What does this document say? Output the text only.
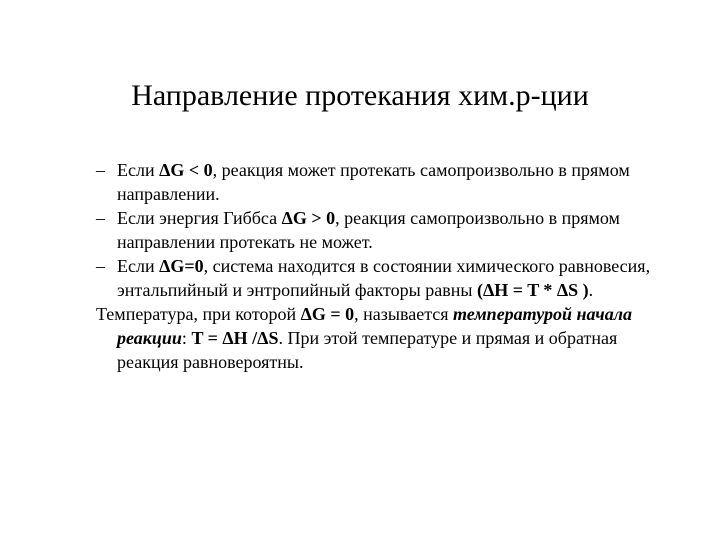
Направление протекания хим.р-ции

– Если ΔG < 0, реакция может протекать самопроизвольно в прямом направлении.

– Если энергия Гиббса ΔG > 0, реакция самопроизвольно в прямом направлении протекать не может.

– Если ΔG=0, система находится в состоянии химического равновесия, энтальпийный и энтропийный факторы равны (ΔH = T * ΔS ).

Температура, при которой ΔG = 0, называется температурой начала реакции: T = ΔH /ΔS. При этой температуре и прямая и обратная реакция равновероятны.
